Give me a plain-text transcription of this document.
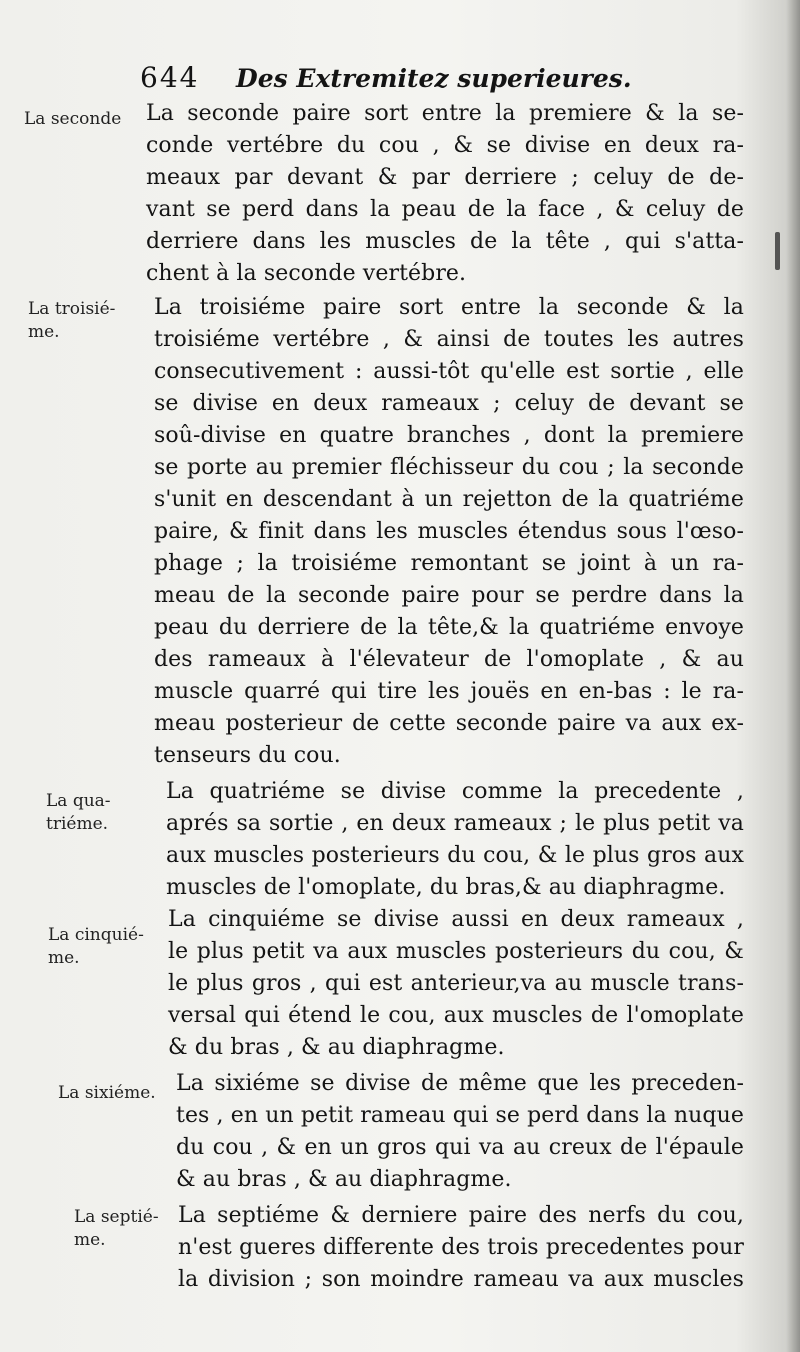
644 Des Extremitez superieures.
La seconde La seconde paire sort entre la premiere & la se-
conde vertébre du cou , & se divise en deux ra-
meaux par devant & par derriere ; celuy de de-
vant se perd dans la peau de la face , & celuy de
derriere dans les muscles de la tête , qui s'atta-
chent à la seconde vertébre.
La troisié-
me.
La troisiéme paire sort entre la seconde & la
troisiéme vertébre , & ainsi de toutes les autres
consecutivement : aussi-tôt qu'elle est sortie , elle
se divise en deux rameaux ; celuy de devant se
soû-divise en quatre branches , dont la premiere
se porte au premier fléchisseur du cou ; la seconde
s'unit en descendant à un rejetton de la quatriéme
paire, & finit dans les muscles étendus sous l'œso-
phage ; la troisiéme remontant se joint à un ra-
meau de la seconde paire pour se perdre dans la
peau du derriere de la tête,& la quatriéme envoye
des rameaux à l'élevateur de l'omoplate , & au
muscle quarré qui tire les jouës en en-bas : le ra-
meau posterieur de cette seconde paire va aux ex-
tenseurs du cou.
La qua-
triéme.
La quatriéme se divise comme la precedente ,
aprés sa sortie , en deux rameaux ; le plus petit va
aux muscles posterieurs du cou, & le plus gros aux
muscles de l'omoplate, du bras,& au diaphragme.
La cinquié-
me.
La cinquiéme se divise aussi en deux rameaux ,
le plus petit va aux muscles posterieurs du cou, &
le plus gros , qui est anterieur,va au muscle trans-
versal qui étend le cou, aux muscles de l'omoplate
& du bras , & au diaphragme.
La sixiéme. La sixiéme se divise de même que les preceden-
tes , en un petit rameau qui se perd dans la nuque
du cou , & en un gros qui va au creux de l'épaule
& au bras , & au diaphragme.
La septié-
me.
La septiéme & derniere paire des nerfs du cou,
n'est gueres differente des trois precedentes pour
la division ; son moindre rameau va aux muscles
